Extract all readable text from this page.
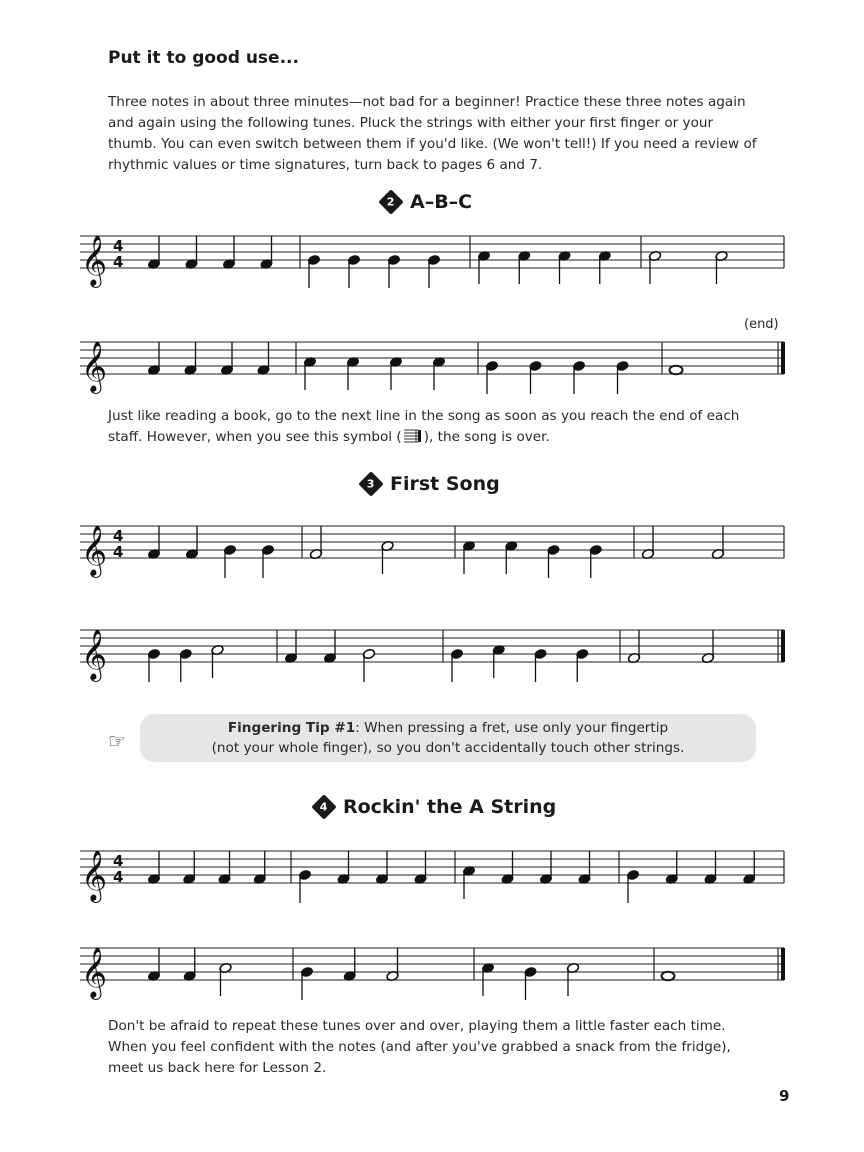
Put it to good use...
Three notes in about three minutes—not bad for a beginner! Practice these three notes again and again using the following tunes. Pluck the strings with either your first finger or your thumb. You can even switch between them if you'd like. (We won't tell!) If you need a review of rhythmic values or time signatures, turn back to pages 6 and 7.
2 A–B–C
𝄞 4
4
𝄞
𝄞 4
4
𝄞
𝄞 4
4
𝄞
(end)
Just like reading a book, go to the next line in the song as soon as you reach the end of each staff. However, when you see this symbol ( ), the song is over.
3 First Song
☞
Fingering Tip #1: When pressing a fret, use only your fingertip
(not your whole finger), so you don't accidentally touch other strings.
4 Rockin' the A String
Don't be afraid to repeat these tunes over and over, playing them a little faster each time. When you feel confident with the notes (and after you've grabbed a snack from the fridge), meet us back here for Lesson 2.
9
